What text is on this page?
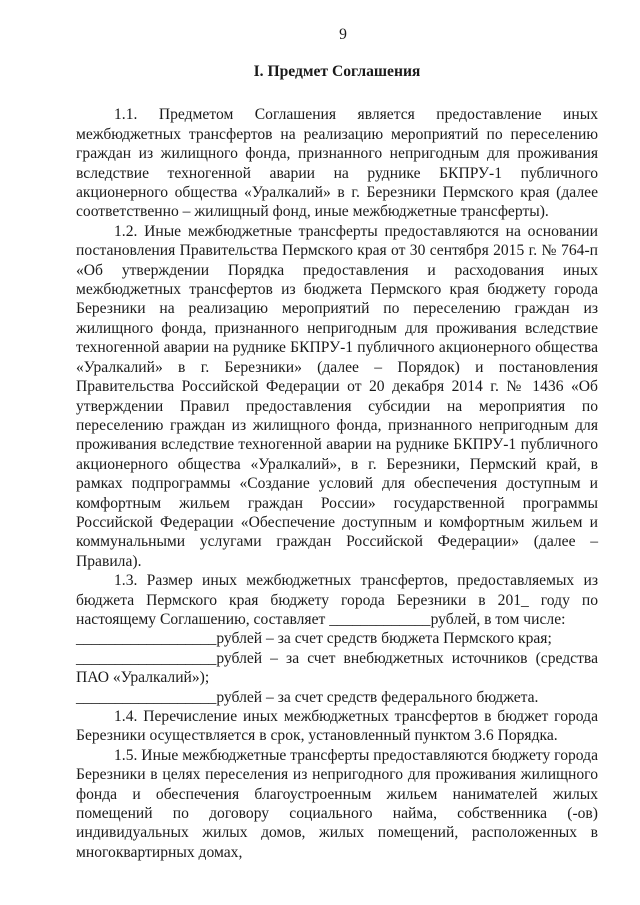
9
I. Предмет Соглашения

1.1. Предметом Соглашения является предоставление иных межбюджетных трансфертов на реализацию мероприятий по переселению граждан из жилищного фонда, признанного непригодным для проживания вследствие техногенной аварии на руднике БКПРУ-1 публичного акционерного общества «Уралкалий» в г. Березники Пермского края (далее соответственно – жилищный фонд, иные межбюджетные трансферты).

1.2. Иные межбюджетные трансферты предоставляются на основании постановления Правительства Пермского края от 30 сентября 2015 г. № 764-п «Об утверждении Порядка предоставления и расходования иных межбюджетных трансфертов из бюджета Пермского края бюджету города Березники на реализацию мероприятий по переселению граждан из жилищного фонда, признанного непригодным для проживания вследствие техногенной аварии на руднике БКПРУ-1 публичного акционерного общества «Уралкалий» в г. Березники» (далее – Порядок) и постановления Правительства Российской Федерации от 20 декабря 2014 г. № 1436 «Об утверждении Правил предоставления субсидии на мероприятия по переселению граждан из жилищного фонда, признанного непригодным для проживания вследствие техногенной аварии на руднике БКПРУ-1 публичного акционерного общества «Уралкалий», в г. Березники, Пермский край, в рамках подпрограммы «Создание условий для обеспечения доступным и комфортным жильем граждан России» государственной программы Российской Федерации «Обеспечение доступным и комфортным жильем и коммунальными услугами граждан Российской Федерации» (далее – Правила).

1.3. Размер иных межбюджетных трансфертов, предоставляемых из бюджета Пермского края бюджету города Березники в 201_ году по настоящему Соглашению, составляет _____________рублей, в том числе:

__________________рублей – за счет средств бюджета Пермского края;

__________________рублей – за счет внебюджетных источников (средства ПАО «Уралкалий»);

__________________рублей – за счет средств федерального бюджета.

1.4. Перечисление иных межбюджетных трансфертов в бюджет города Березники осуществляется в срок, установленный пунктом 3.6 Порядка.

1.5. Иные межбюджетные трансферты предоставляются бюджету города Березники в целях переселения из непригодного для проживания жилищного фонда и обеспечения благоустроенным жильем нанимателей жилых помещений по договору социального найма, собственника (-ов) индивидуальных жилых домов, жилых помещений, расположенных в многоквартирных домах,
